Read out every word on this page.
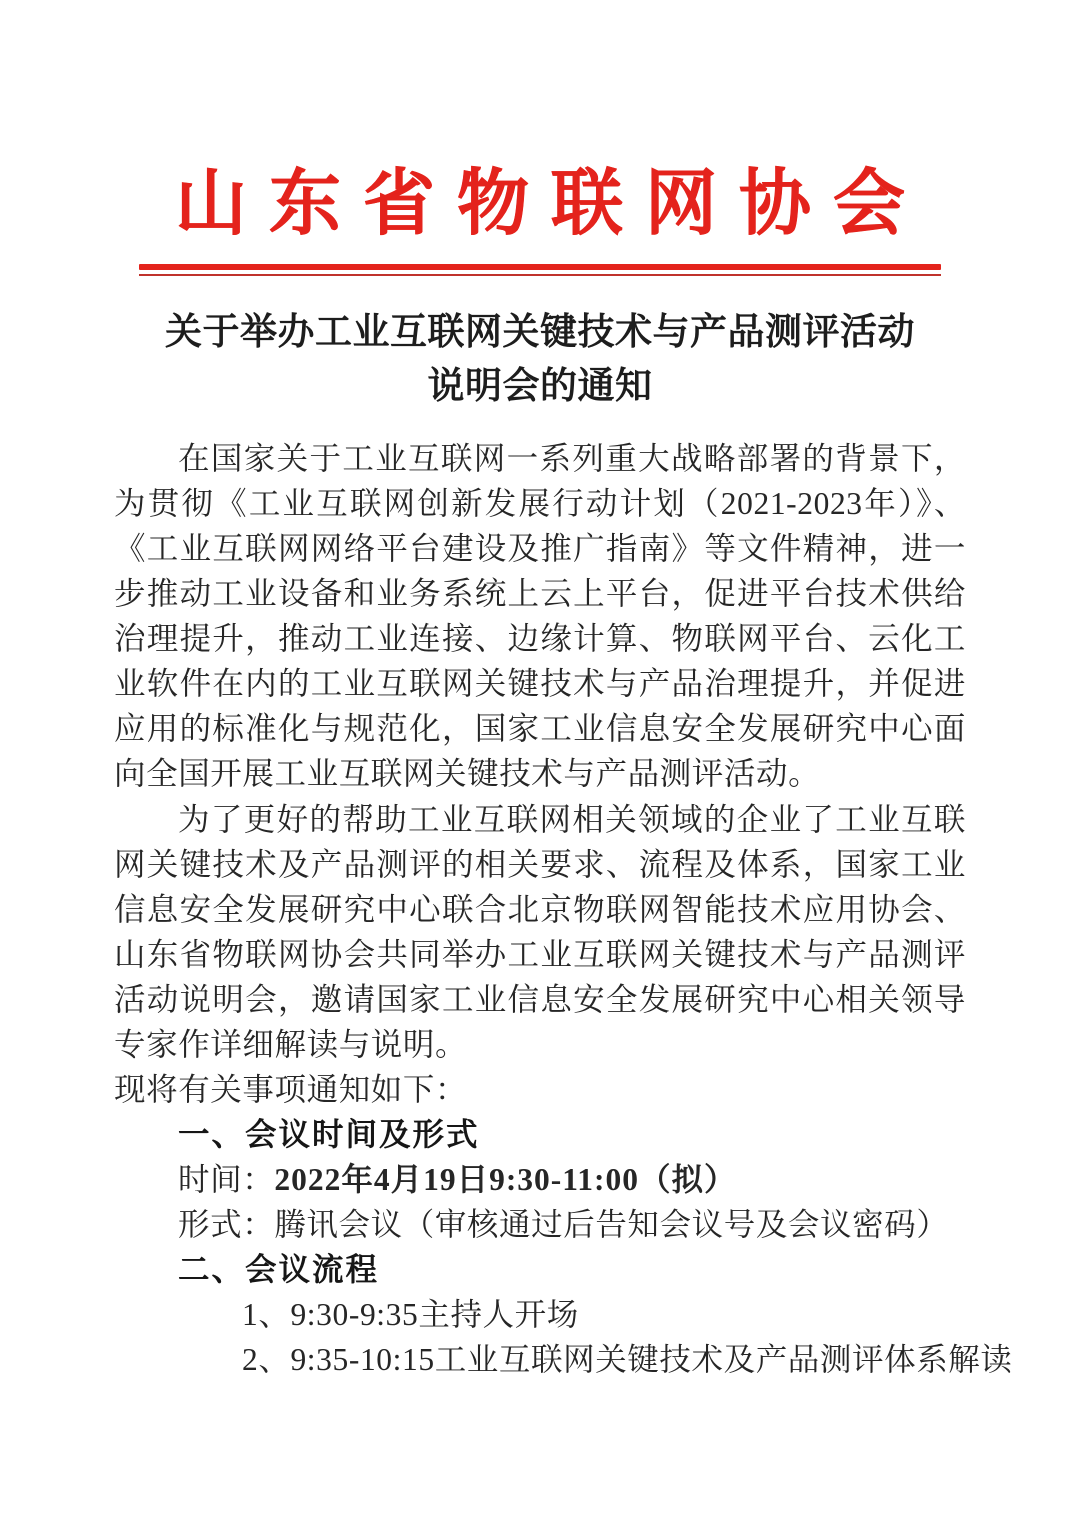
山东省物联网协会
关于举办工业互联网关键技术与产品测评活动
说明会的通知

在国家关于工业互联网一系列重大战略部署的背景下，为贯彻《工业互联网创新发展行动计划（2021-2023年）》、《工业互联网网络平台建设及推广指南》等文件精神，进一步推动工业设备和业务系统上云上平台，促进平台技术供给治理提升，推动工业连接、边缘计算、物联网平台、云化工业软件在内的工业互联网关键技术与产品治理提升，并促进应用的标准化与规范化，国家工业信息安全发展研究中心面向全国开展工业互联网关键技术与产品测评活动。

为了更好的帮助工业互联网相关领域的企业了工业互联网关键技术及产品测评的相关要求、流程及体系，国家工业信息安全发展研究中心联合北京物联网智能技术应用协会、山东省物联网协会共同举办工业互联网关键技术与产品测评活动说明会，邀请国家工业信息安全发展研究中心相关领导专家作详细解读与说明。

现将有关事项通知如下：

一、会议时间及形式

时间：2022年4月19日9:30-11:00（拟）

形式：腾讯会议（审核通过后告知会议号及会议密码）

二、会议流程

1、9:30-9:35主持人开场

2、9:35-10:15工业互联网关键技术及产品测评体系解读
